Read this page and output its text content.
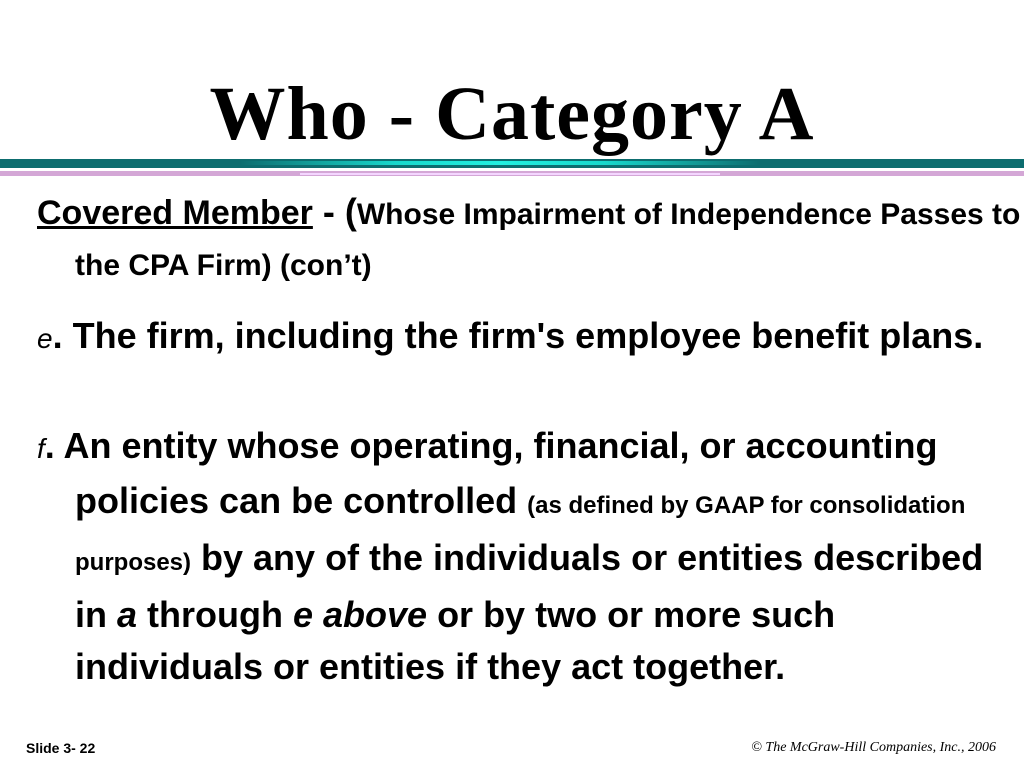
Who - Category A

Covered Member - (Whose Impairment of Independence Passes to the CPA Firm) (con’t)

e. The firm, including the firm's employee benefit plans.

f. An entity whose operating, financial, or accounting policies can be controlled (as defined by GAAP for consolidation purposes) by any of the individuals or entities described in a through e above or by two or more such individuals or entities if they act together.

Slide 3- 22	© The McGraw-Hill Companies, Inc., 2006
